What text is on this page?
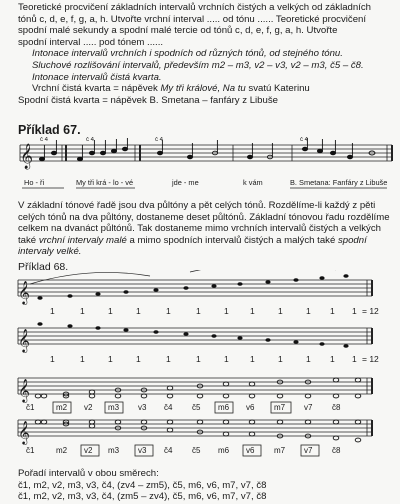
Teoretické procvičení základních intervalů vrchních čistých a velkých od základních

tónů c, d, e, f, g, a, h. Utvořte vrchní interval ..... od tónu ...... Teoretické procvičení spodní malé sekundy a spodní malé tercie od tónů c, d, e, f, g, a, h. Utvořte

spodní interval ..... pod tónem ......

Intonace intervalů vrchních i spodních od různých tónů, od stejného tónu.

Sluchové rozlišování intervalů, především m2 – m3, v2 – v3, v2 – m3, č5 – č8.

Intonace intervalů čistá kvarta.

Vrchní čistá kvarta = nápěvek My tři králové, Na tu svatú Katerinu

Spodní čistá kvarta = nápěvek B. Smetana – fanfáry z Libuše

Příklad 67.
𝄞
č 4	č 4	č 4	č 4
Ho - ři	My tři krá - lo - vé	jde - me	k vám	B. Smetana: Fanfáry z Libuše

V základní tónové řadě jsou dva půltóny a pět celých tónů. Rozdělíme-li každý z pěti celých tónů na dva půltóny, dostaneme deset půltónů. Základní tónovou řadu rozdělíme celkem na dvanáct půltónů. Tak dostaneme mimo vrchních intervalů čistých a velkých také vrchní intervaly malé a mimo spodních intervalů čistých a malých také spodní intervaly velké.

Příklad 68.
𝄞
1	1	1	1	1	1	1	1	1	1 1 1 = 12
𝄞
1	1	1	1	1	1	1	1	1	1 1 1 = 12
𝄞
č1	m2 v2 m3 v3 č4 č5 m6 v6 m7 v7 č8
𝄞
č1	m2 v2 m3 v3 č4 č5 m6 v6 m7 v7 č8

Pořadí intervalů v obou směrech:

č1, m2, v2, m3, v3, č4, (zv4 – zm5), č5, m6, v6, m7, v7, č8

č1, m2, v2, m3, v3, č4, (zm5 – zv4), č5, m6, v6, m7, v7, č8
